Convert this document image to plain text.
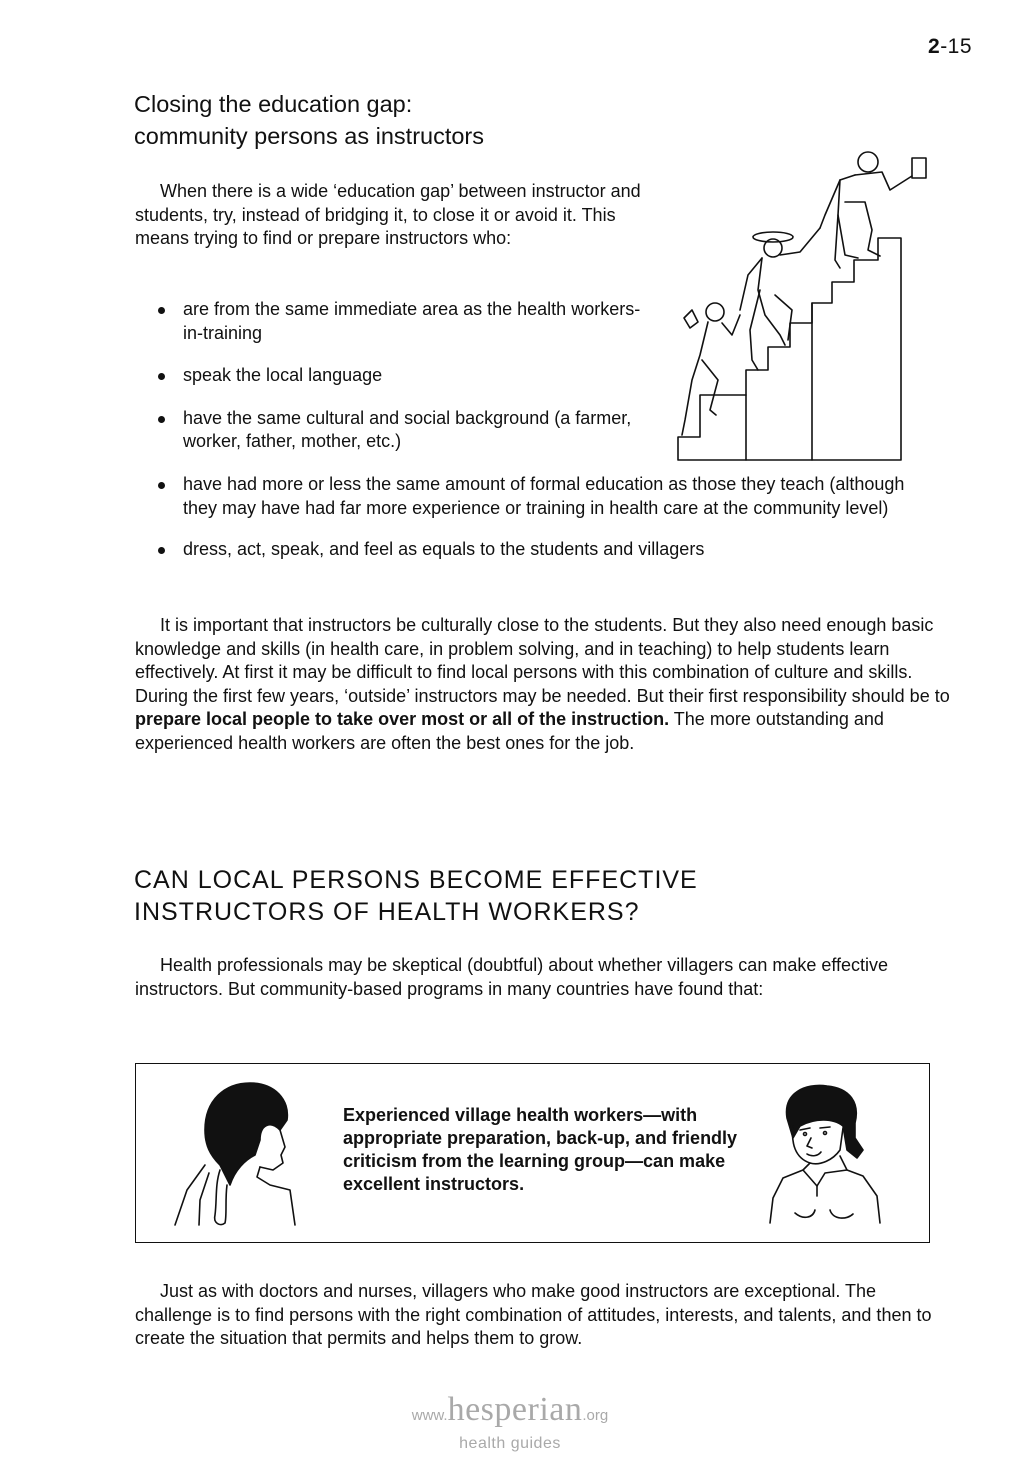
2-15
Closing the education gap:
community persons as instructors

When there is a wide ‘education gap’ between instructor and students, try, instead of bridging it, to close it or avoid it. This means trying to find or prepare instructors who:

are from the same immediate area as the health workers-in-training
speak the local language
have the same cultural and social background (a farmer, worker, father, mother, etc.)
have had more or less the same amount of formal education as those they teach (although they may have had far more experience or training in health care at the community level)
dress, act, speak, and feel as equals to the students and villagers

It is important that instructors be culturally close to the students. But they also need enough basic knowledge and skills (in health care, in problem solving, and in teaching) to help students learn effectively. At first it may be difficult to find local persons with this combination of culture and skills. During the first few years, ‘outside’ instructors may be needed. But their first responsibility should be to prepare local people to take over most or all of the instruction. The more outstanding and experienced health workers are often the best ones for the job.

CAN LOCAL PERSONS BECOME EFFECTIVE
INSTRUCTORS OF HEALTH WORKERS?

Health professionals may be skeptical (doubtful) about whether villagers can make effective instructors. But community-based programs in many countries have found that:

Experienced village health workers—with appropriate preparation, back-up, and friendly criticism from the learning group—can make excellent instructors.

Just as with doctors and nurses, villagers who make good instructors are exceptional. The challenge is to find persons with the right combination of attitudes, interests, and talents, and then to create the situation that permits and helps them to grow.

www.hesperian.org
health guides
